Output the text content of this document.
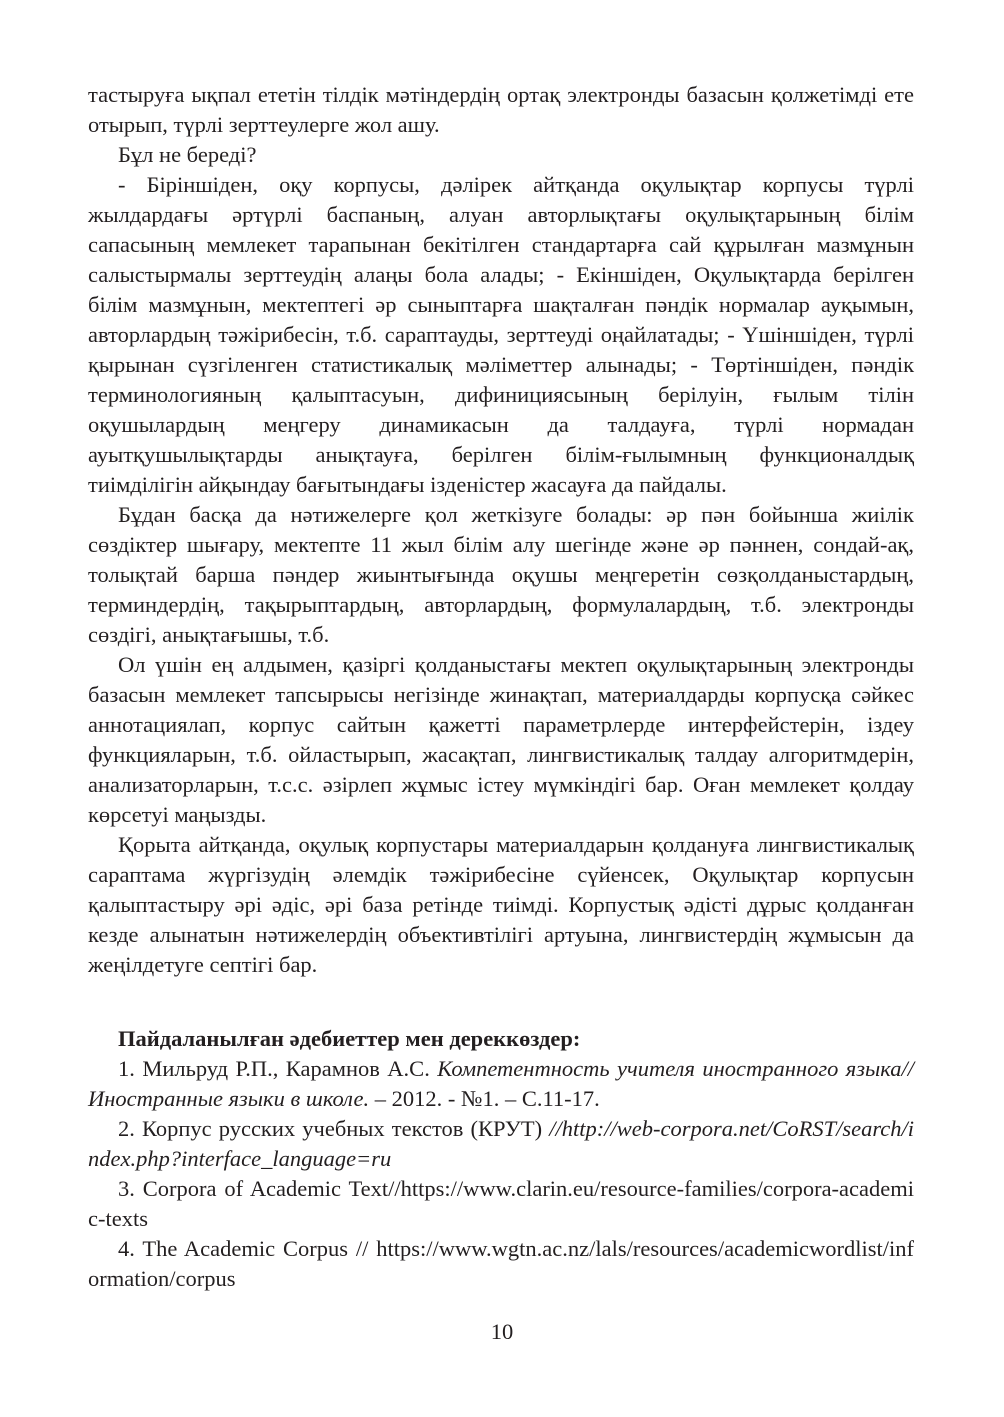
тастыруға ықпал ететін тілдік мәтіндердің ортақ электронды базасын қолжетімді ете отырып, түрлі зерттеулерге жол ашу.

Бұл не береді?

- Біріншіден, оқу корпусы, дәлірек айтқанда оқулықтар корпусы түрлі жылдардағы әртүрлі баспаның, алуан авторлықтағы оқулықтарының білім сапасының мемлекет тарапынан бекітілген стандартарға сай құрылған мазмұнын салыстырмалы зерттеудің алаңы бола алады; - Екіншіден, Оқулықтарда берілген білім мазмұнын, мектептегі әр сыныптарға шақталған пәндік нормалар ауқымын, авторлардың тәжірибесін, т.б. сараптауды, зерттеуді оңайлатады; - Үшіншіден, түрлі қырынан сүзгіленген статистикалық мәліметтер алынады; - Төртіншіден, пәндік терминологияның қалыптасуын, дифинициясының берілуін, ғылым тілін оқушылардың меңгеру динамикасын да талдауға, түрлі нормадан ауытқушылықтарды анықтауға, берілген білім-ғылымның функционалдық тиімділігін айқындау бағытындағы ізденістер жасауға да пайдалы.

Бұдан басқа да нәтижелерге қол жеткізуге болады: әр пән бойынша жиілік сөздіктер шығару, мектепте 11 жыл білім алу шегінде және әр пәннен, сондай-ақ, толықтай барша пәндер жиынтығында оқушы меңгеретін сөзқолданыстардың, терминдердің, тақырыптардың, авторлардың, формулалардың, т.б. электронды сөздігі, анықтағышы, т.б.

Ол үшін ең алдымен, қазіргі қолданыстағы мектеп оқулықтарының электронды базасын мемлекет тапсырысы негізінде жинақтап, материалдарды корпусқа сәйкес аннотациялап, корпус сайтын қажетті параметрлерде интерфейстерін, іздеу функцияларын, т.б. ойластырып, жасақтап, лингвистикалық талдау алгоритмдерін, анализаторларын, т.с.с. әзірлеп жұмыс істеу мүмкіндігі бар. Оған мемлекет қолдау көрсетуі маңызды.

Қорыта айтқанда, оқулық корпустары материалдарын қолдануға лингвистикалық сараптама жүргізудің әлемдік тәжірибесіне сүйенсек, Оқулықтар корпусын қалыптастыру әрі әдіс, әрі база ретінде тиімді. Корпустық әдісті дұрыс қолданған кезде алынатын нәтижелердің объективтілігі артуына, лингвистердің жұмысын да жеңілдетуге септігі бар.

Пайдаланылған әдебиеттер мен дереккөздер:

1. Мильруд Р.П., Карамнов А.С. Компетентность учителя иностранного языка// Иностранные языки в школе. – 2012. - №1. – С.11-17.

2. Корпус русских учебных текстов (КРУТ) //http://web-corpora.net/CoRST/search/index.php?interface_language=ru

3. Corpora of Academic Text//https://www.clarin.eu/resource-families/corpora-academic-texts

4. The Academic Corpus // https://www.wgtn.ac.nz/lals/resources/academicwordlist/information/corpus

10
